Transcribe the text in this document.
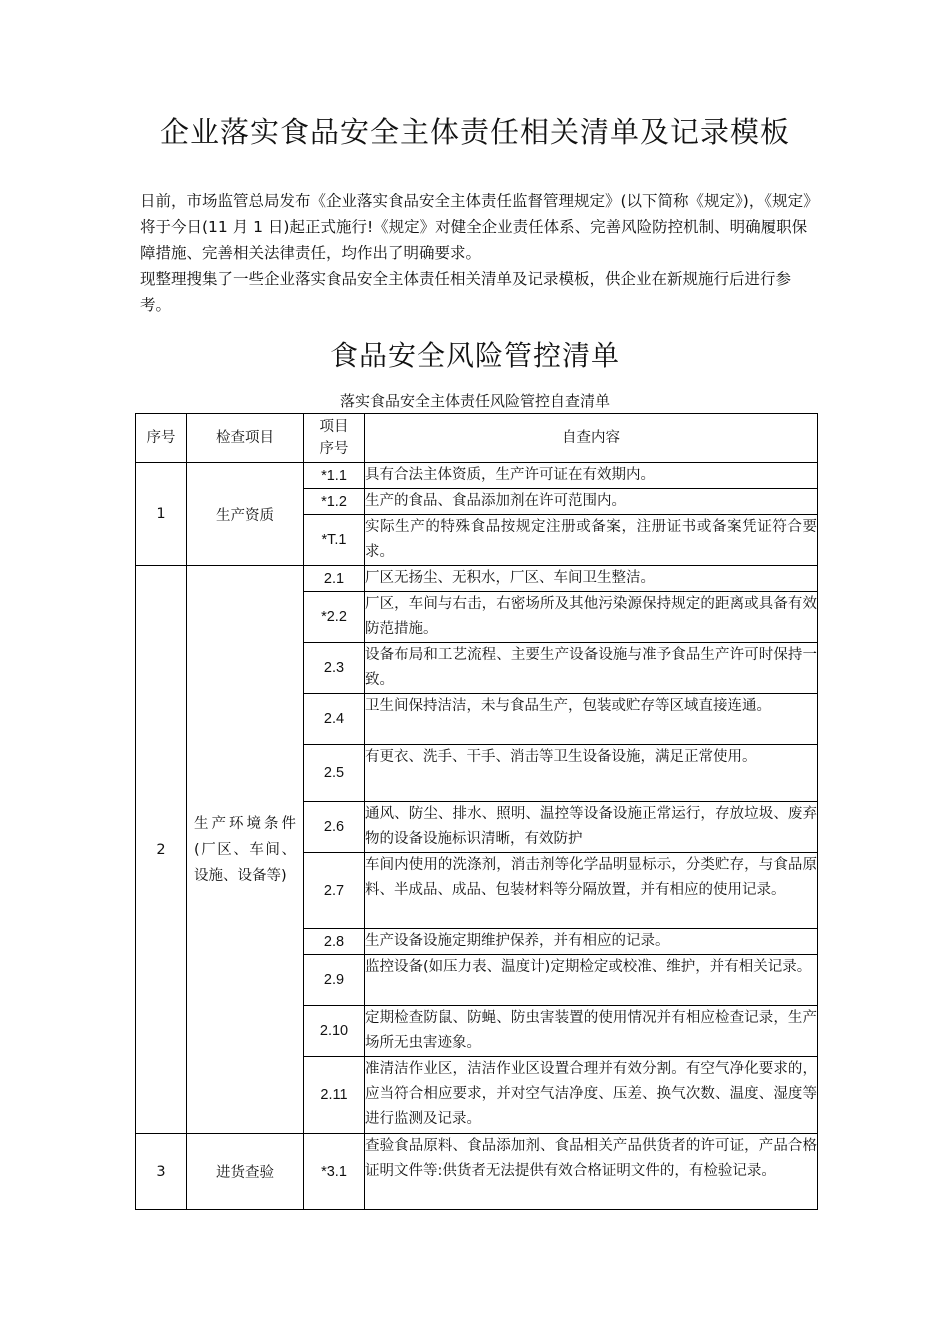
企业落实食品安全主体责任相关清单及记录模板

日前，市场监管总局发布《企业落实食品安全主体责任监督管理规定》(以下简称《规定》)，《规定》将于今日(11 月 1 日)起正式施行!《规定》对健全企业责任体系、完善风险防控机制、明确履职保障措施、完善相关法律责任，均作出了明确要求。

现整理搜集了一些企业落实食品安全主体责任相关清单及记录模板，供企业在新规施行后进行参考。

食品安全风险管控清单
落实食品安全主体责任风险管控自查清单
序号	检查项目	项目序号	自查内容
1	生产资质	*1.1	具有合法主体资质，生产许可证在有效期内。
		*1.2	生产的食品、食品添加剂在许可范围内。
		*T.1	实际生产的特殊食品按规定注册或备案，注册证书或备案凭证符合要求。
2	生产环境条件(厂区、车间、设施、设备等)	2.1	厂区无扬尘、无积水，厂区、车间卫生整洁。
		*2.2	厂区，车间与右击，右密场所及其他污染源保持规定的距离或具备有效防范措施。
		2.3	设备布局和工艺流程、主要生产设备设施与准予食品生产许可时保持一致。
		2.4	卫生间保持洁洁，未与食品生产，包装或贮存等区域直接连通。
		2.5	有更衣、洗手、干手、消击等卫生设备设施，满足正常使用。
		2.6	通风、防尘、排水、照明、温控等设备设施正常运行，存放垃圾、废弃物的设备设施标识清晰，有效防护
		2.7	车间内使用的洗涤剂，消击剂等化学品明显标示，分类贮存，与食品原料、半成品、成品、包装材料等分隔放置，并有相应的使用记录。
		2.8	生产设备设施定期维护保养，并有相应的记录。
		2.9	监控设备(如压力表、温度计)定期检定或校准、维护，并有相关记录。
		2.10	定期检查防鼠、防蝇、防虫害装置的使用情况并有相应检查记录，生产场所无虫害迹象。
		2.11	准清洁作业区，洁洁作业区设置合理并有效分割。有空气净化要求的，应当符合相应要求，并对空气洁净度、压差、换气次数、温度、湿度等进行监测及记录。
3	进货查验	*3.1	查验食品原料、食品添加剂、食品相关产品供货者的许可证，产品合格证明文件等:供货者无法提供有效合格证明文件的，有检验记录。
